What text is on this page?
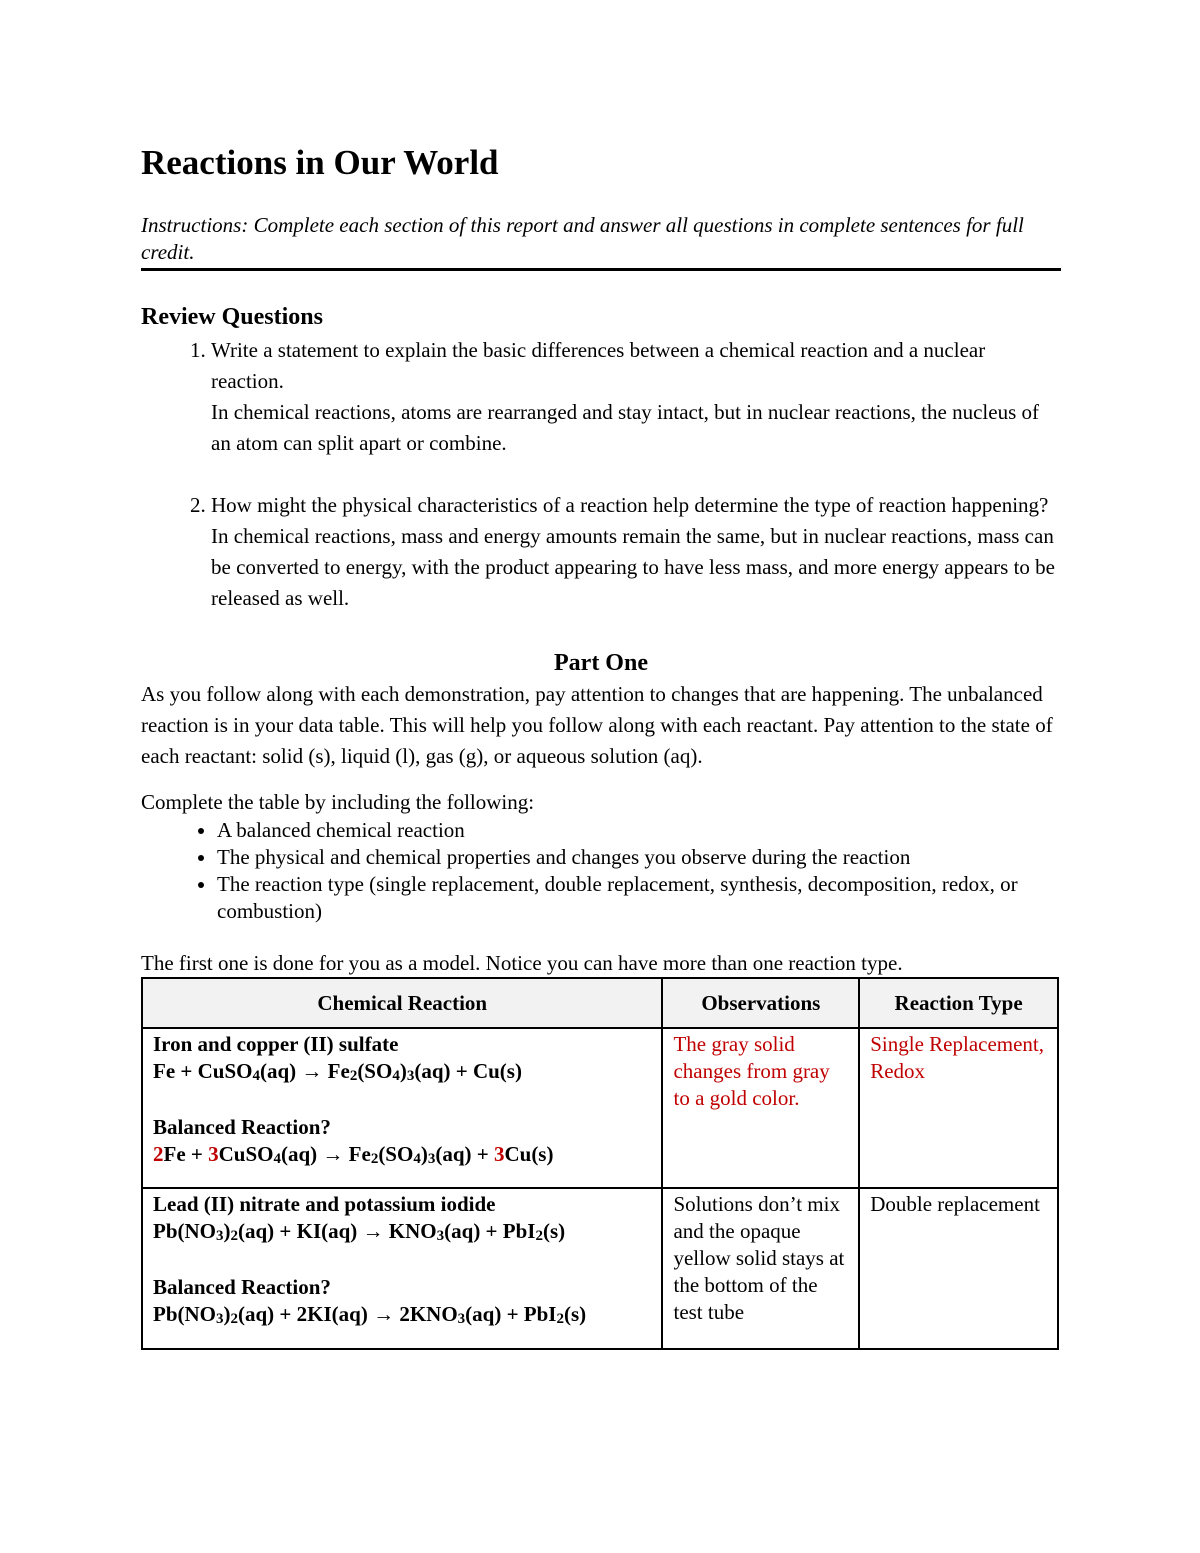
Reactions in Our World
Instructions: Complete each section of this report and answer all questions in complete sentences for full credit.
Review Questions
1. Write a statement to explain the basic differences between a chemical reaction and a nuclear reaction.
In chemical reactions, atoms are rearranged and stay intact, but in nuclear reactions, the nucleus of an atom can split apart or combine.
2. How might the physical characteristics of a reaction help determine the type of reaction happening?
In chemical reactions, mass and energy amounts remain the same, but in nuclear reactions, mass can be converted to energy, with the product appearing to have less mass, and more energy appears to be released as well.
Part One

As you follow along with each demonstration, pay attention to changes that are happening. The unbalanced reaction is in your data table. This will help you follow along with each reactant. Pay attention to the state of each reactant: solid (s), liquid (l), gas (g), or aqueous solution (aq).

Complete the table by including the following:

• A balanced chemical reaction
• The physical and chemical properties and changes you observe during the reaction
• The reaction type (single replacement, double replacement, synthesis, decomposition, redox, or combustion)

The first one is done for you as a model. Notice you can have more than one reaction type.

Chemical Reaction	Observations	Reaction Type

Iron and copper (II) sulfate
Fe + CuSO$_4$(aq) → $Fe_2(SO_4)_3(aq) + Cu(s)$
Balanced Reaction?
2Fe + 3CuSO$_4$(aq) → $Fe_2(SO_4)_3(aq) + 3Cu(s)$	The gray solid changes from gray to a gold color.	Single Replacement, Redox

Lead (II) nitrate and potassium iodide
$Pb(NO_3)_2(aq) + KI(aq) \to KNO_3(aq) + PbI_2(s)$
Balanced Reaction?
$Pb(NO_3)_2(aq) + 2KI(aq) \to 2KNO_3(aq) + PbI_2(s)$	Solutions don’t mix and the opaque yellow solid stays at the bottom of the test tube	Double replacement
